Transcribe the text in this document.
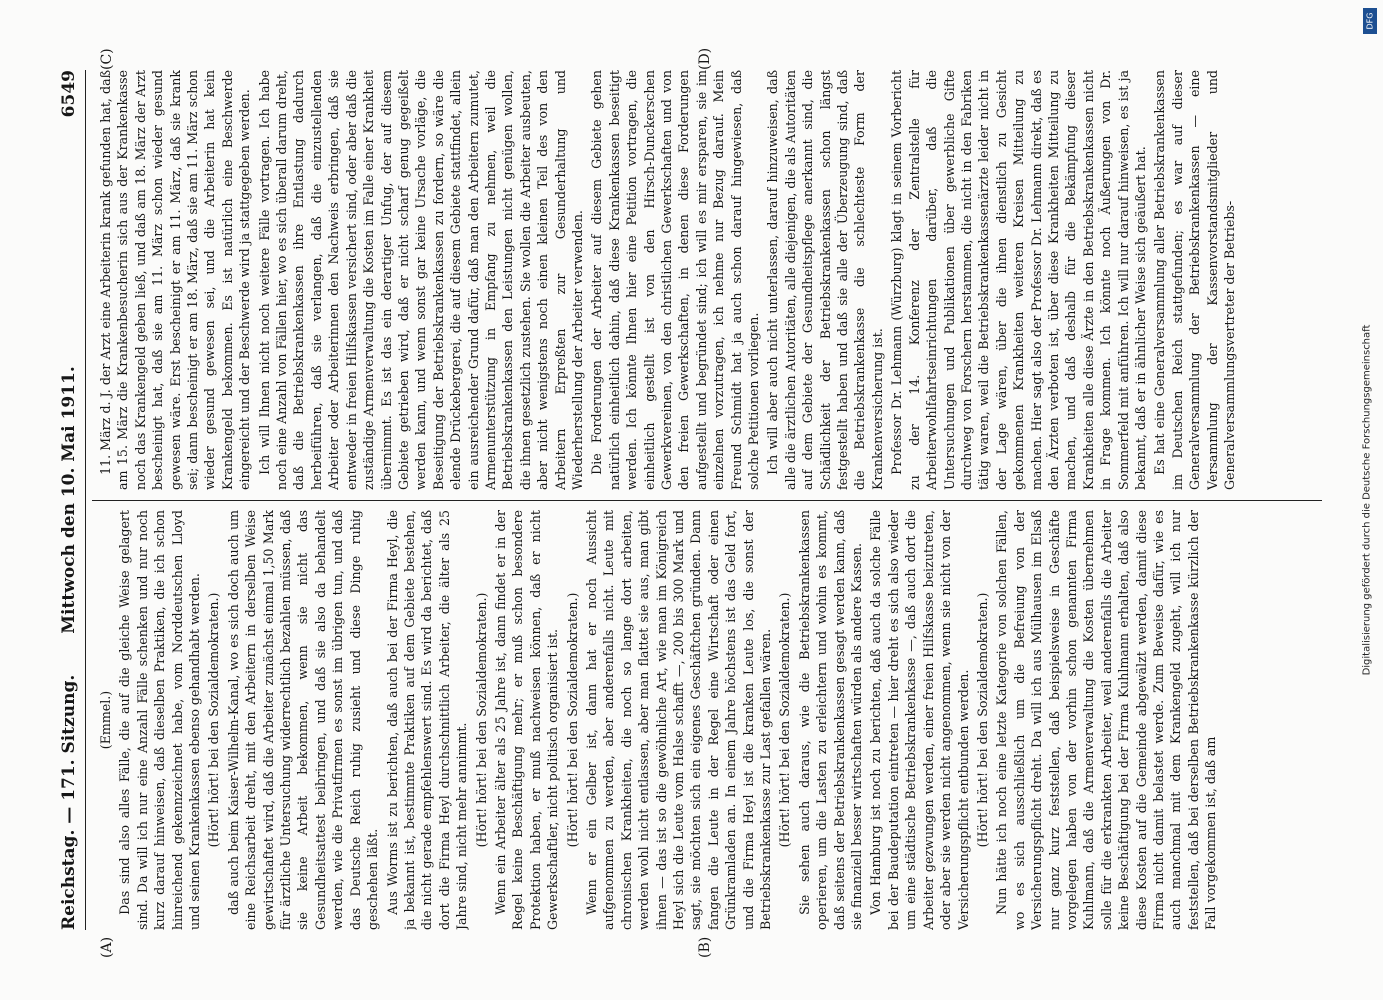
Reichstag. — 171. Sitzung.
Mittwoch den 10. Mai 1911.
6549

(Emmel.) Das sind also alles Fälle, die auf die gleiche Weise gelagert sind. Da will ich nur eine Anzahl Fälle schenken und nur noch kurz darauf hinweisen, daß dieselben Praktiken, die ich schon hinreichend gekennzeichnet habe, vom Norddeutschen Lloyd und seinen Krankenkassen ebenso gehandhabt werden. (Hört! hört! bei den Sozialdemokraten.) daß auch beim Kaiser-Wilhelm-Kanal, wo es sich doch auch um eine Reichsarbeit dreht, mit den Arbeitern in derselben Weise gewirtschaftet wird, daß die Arbeiter zunächst einmal 1,50 Mark für ärztliche Untersuchung widerrechtlich bezahlen müssen, daß sie keine Arbeit bekommen, wenn sie nicht das Gesundheitsattest beibringen, und daß sie also da behandelt werden, wie die Privatfirmen es sonst im übrigen tun, und daß das Deutsche Reich ruhig zusieht und diese Dinge ruhig geschehen läßt. Aus Worms ist zu berichten, daß auch bei der Firma Heyl, die ja bekannt ist, bestimmte Praktiken auf dem Gebiete bestehen, die nicht gerade empfehlenswert sind. Es wird da berichtet, daß dort die Firma Heyl durchschnittlich Arbeiter, die älter als 25 Jahre sind, nicht mehr annimmt. (Hört! hört! bei den Sozialdemokraten.) Wenn ein Arbeiter älter als 25 Jahre ist, dann findet er in der Regel keine Beschäftigung mehr; er muß schon besondere Protektion haben, er muß nachweisen können, daß er nicht Gewerkschaftler, nicht politisch organisiert ist. (Hört! hört! bei den Sozialdemokraten.) Wenn er ein Gelber ist, dann hat er noch Aussicht aufgenommen zu werden, aber anderenfalls nicht. Leute mit chronischen Krankheiten, die noch so lange dort arbeiten, werden wohl nicht entlassen, aber man flattet sie aus, man gibt ihnen — das ist so die gewöhnliche Art, wie man im Königreich Heyl sich die Leute vom Halse schafft —, 200 bis 300 Mark und sagt, sie möchten sich ein eigenes Geschäftchen gründen. Dann fangen die Leute in der Regel eine Wirtschaft oder einen Grünkramladen an. In einem Jahre höchstens ist das Geld fort, und die Firma Heyl ist die kranken Leute los, die sonst der Betriebskrankenkasse zur Last gefallen wären. (Hört! hört! bei den Sozialdemokraten.) Sie sehen auch daraus, wie die Betriebskrankenkassen operieren, um die Lasten zu erleichtern und wohin es kommt, daß seitens der Betriebskrankenkassen gesagt werden kann, daß sie finanziell besser wirtschaften würden als andere Kassen. Von Hamburg ist noch zu berichten, daß auch da solche Fälle bei der Baudeputation eintreten — hier dreht es sich also wieder um eine städtische Betriebskrankenkasse —, daß auch dort die Arbeiter gezwungen werden, einer freien Hilfskasse beizutreten, oder aber sie werden nicht angenommen, wenn sie nicht von der Versicherungspflicht entbunden werden. (Hört! hört! bei den Sozialdemokraten.) Nun hätte ich noch eine letzte Kategorie von solchen Fällen, wo es sich ausschließlich um die Befreiung von der Versicherungspflicht dreht. Da will ich aus Mülhausen im Elsaß nur ganz kurz feststellen, daß beispielsweise in Geschäfte vorgelegen haben von der vorhin schon genannten Firma Kuhlmann, daß die Armenverwaltung die Kosten übernehmen solle für die erkrankten Arbeiter, weil anderenfalls die Arbeiter keine Beschäftigung bei der Firma Kuhlmann erhalten, daß also diese Kosten auf die Gemeinde abgewälzt werden, damit diese Firma nicht damit belastet werde. Zum Beweise dafür, wie es auch manchmal mit dem Krankengeld zugeht, will ich nur feststellen, daß bei derselben Betriebskrankenkasse kürzlich der Fall vorgekommen ist, daß am

11. März d. J. der Arzt eine Arbeiterin krank gefunden hat, daß am 15. März die Krankenbesucherin sich aus der Krankenkasse noch das Krankengeld geben ließ, und daß am 18. März der Arzt bescheinigt hat, daß sie am 11. März schon wieder gesund gewesen wäre. Erst bescheinigt er am 11. März, daß sie krank sei; dann bescheinigt er am 18. März, daß sie am 11. März schon wieder gesund gewesen sei, und die Arbeiterin hat kein Krankengeld bekommen. Es ist natürlich eine Beschwerde eingereicht und der Beschwerde wird ja stattgegeben werden. Ich will Ihnen nicht noch weitere Fälle vortragen. Ich habe noch eine Anzahl von Fällen hier, wo es sich überall darum dreht, daß die Betriebskrankenkassen ihre Entlastung dadurch herbeiführen, daß sie verlangen, daß die einzustellenden Arbeiter oder Arbeiterinnen den Nachweis erbringen, daß sie entweder in freien Hilfskassen versichert sind, oder aber daß die zuständige Armenverwaltung die Kosten im Falle einer Krankheit übernimmt. Es ist das ein derartiger Unfug, der auf diesem Gebiete getrieben wird, daß er nicht scharf genug gegeißelt werden kann, und wenn sonst gar keine Ursache vorläge, die Beseitigung der Betriebskrankenkassen zu fordern, so wäre die elende Drückebergerei, die auf diesem Gebiete stattfindet, allein ein ausreichender Grund dafür, daß man den Arbeitern zumutet, Armenunterstützung in Empfang zu nehmen, weil die Betriebskrankenkassen den Leistungen nicht genügen wollen, die ihnen gesetzlich zustehen. Sie wollen die Arbeiter ausbeuten, aber nicht wenigstens noch einen kleinen Teil des von den Arbeitern Erpreßten zur Gesunderhaltung und Wiederherstellung der Arbeiter verwenden. Die Forderungen der Arbeiter auf diesem Gebiete gehen natürlich einheitlich dahin, daß diese Krankenkassen beseitigt werden. Ich könnte Ihnen hier eine Petition vortragen, die einheitlich gestellt ist von den Hirsch-Dunckerschen Gewerkvereinen, von den christlichen Gewerkschaften und von den freien Gewerkschaften, in denen diese Forderungen aufgestellt und begründet sind; ich will es mir ersparen, sie im einzelnen vorzutragen, ich nehme nur Bezug darauf. Mein Freund Schmidt hat ja auch schon darauf hingewiesen, daß solche Petitionen vorliegen. Ich will aber auch nicht unterlassen, darauf hinzuweisen, daß alle die ärztlichen Autoritäten, alle diejenigen, die als Autoritäten auf dem Gebiete der Gesundheitspflege anerkannt sind, die Schädlichkeit der Betriebskrankenkassen schon längst festgestellt haben und daß sie alle der Überzeugung sind, daß die Betriebskrankenkasse die schlechteste Form der Krankenversicherung ist. Professor Dr. Lehmann (Würzburg) klagt in seinem Vorbericht zu der 14. Konferenz der Zentralstelle für Arbeiterwohlfahrtseinrichtungen darüber, daß die Untersuchungen und Publikationen über gewerbliche Gifte durchweg von Forschern herstammen, die nicht in den Fabriken tätig waren, weil die Betriebskrankenkassenärzte leider nicht in der Lage wären, über die ihnen dienstlich zu Gesicht gekommenen Krankheiten weiteren Kreisen Mitteilung zu machen. Hier sagt also der Professor Dr. Lehmann direkt, daß es den Ärzten verboten ist, über diese Krankheiten Mitteilung zu machen, und daß deshalb für die Bekämpfung dieser Krankheiten alle diese Ärzte in den Betriebskrankenkassen nicht in Frage kommen. Ich könnte noch Äußerungen von Dr. Sommerfeld mit anführen. Ich will nur darauf hinweisen, es ist ja bekannt, daß er in ähnlicher Weise sich geäußert hat. Es hat eine Generalversammlung aller Betriebskrankenkassen im Deutschen Reich stattgefunden; es war auf dieser Generalversammlung der Betriebskrankenkassen — eine Versammlung der Kassenvorstandsmitglieder und Generalversammlungsvertreter der Betriebs-

(A)	(B)
(C)	(D)
Digitalisierung gefördert durch die Deutsche Forschungsgemeinschaft
DFG
